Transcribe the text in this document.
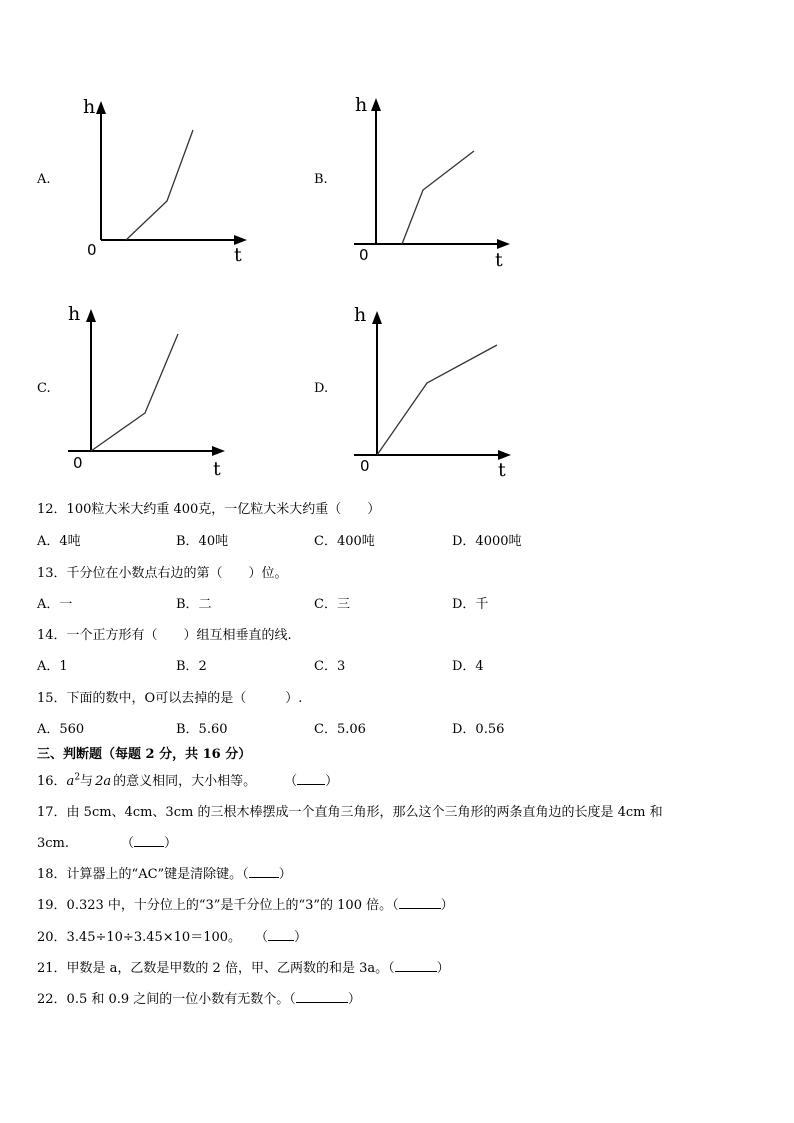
A.
h
0	t
B.
h
0	t
C.
h
0	t
D.
h
0	t
12．100粒大米大约重 400克，一亿粒大米大约重（　　）
A．4吨	B．40吨	C．400吨	D．4000吨
13．千分位在小数点右边的第（　　）位。
A．一	B．二	C．三	D．千
14．一个正方形有（　　）组互相垂直的线.
A．1	B．2	C．3	D．4
15．下面的数中，O可以去掉的是（　　　）.
A．560	B．5.60	C．5.06	D．0.56
三、判断题（每题 2 分，共 16 分）
16．$a^2$与 2a 的意义相同，大小相等。 （ ）
17．由 5cm、4cm、3cm 的三根木棒摆成一个直角三角形，那么这个三角形的两条直角边的长度是 4cm 和
3cm.	（ ）
18．计算器上的“AC”键是清除键。（ ）
19．0.323 中，十分位上的“3”是千分位上的“3”的 100 倍。（	）
20．3.45÷10÷3.45×10＝100。 （ ）
21．甲数是 a，乙数是甲数的 2 倍，甲、乙两数的和是 3a。（	）
22．0.5 和 0.9 之间的一位小数有无数个。（	）
